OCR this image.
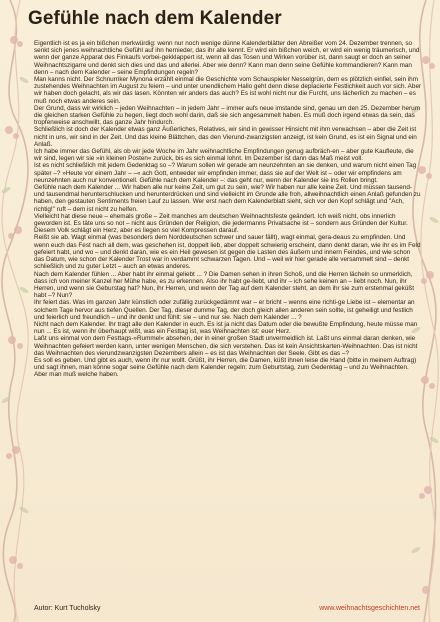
Gefühle nach dem Kalender

Eigentlich ist es ja ein bißchen merkwürdig: wenn nur noch wenige dünne Kalenderblätter den Abreißer vom 24. Dezember trennen, so senkt sich jenes weihnachtliche Gefühl auf ihn hernieder, das ihr alle kennt. Er wird ein bißchen weich, er wird ein wenig träumerisch, und wenn der ganze Apparat des Finkaufs vorbei-gekklappert ist, wenn all das Tosen und Wirken vorüber ist, dann saugt er doch an seiner Weihnachtszigarre und denkt sich dies und das und allerlei. Aber wie denn? Kann man denn seine Gefühle kommandieren? Kann man denn – nach dem Kalender – seine Empfindungen regeln?

Man kanns nicht. Der Schnurriker Mynona erzählt einmal die Geschichte vom Schauspieler Nesselgrün, dem es plötzlich einfiel, sein ihm zustehendes Weihnachten im August zu feiern – und unter unendlichem Hallo geht denn diese deplacierte Festlichkeit auch vor sich. Aber wir haben doch gelacht, als wir das lasen. Könnten wir anders das auch? Es ist wohl nicht nur die Furcht, uns lächerlich zu machen – es muß noch etwas anderes sein.

Der Grund, dass wir wirklich – jeden Weihnachten – in jedem Jahr – immer aufs neue imstande sind, genau um den 25. Dezember herum die gleichen starken Gefühle zu hegen, liegt doch wohl darin, daß sie sich angesammelt haben. Es muß doch irgend etwas da sein, das tropfenweise anschwillt, das ganze Jahr hindurch.

Schließlich ist doch der Kalender etwas ganz Äußerliches, Relatives, wir sind in gewisser Hinsicht mit ihm verwachsen – aber die Zeit ist nicht in uns, wir sind in der Zeit. Und das kleine Blättchen, das den Vierund-zwanzigsten anzeigt, ist kein Grund, es ist ein Signal und ein Anlaß.

Ich habe immer das Gefühl, als ob wir jede Woche im Jahr weihnachtliche Empfindungen genug aufbräch-en – aber gute Kaufleute, die wir sind, legen wir sie »in kleinen Posten« zurück, bis es sich einmal lohnt. Im Dezember ist dann das Maß meist voll.

Ist es nicht schließlich mit jedem Gedenktag so –? Warum sollen wir gerade am neunzehnten an sie denken, und warum nicht einen Tag später –? »Heute vor einem Jahr – –« ach Gott, entweder wir empfinden immer, dass sie auf der Welt ist – oder wir empfindens am neunzehnten auch nur konventionell. Gefühle nach dem Kalender –: das geht nur, wenn der Kalender sie ins Rollen bringt.

Gefühle nach dem Kalender ... Wir haben alle nur keine Zeit, um gut zu sein, wie? Wir haben nur alle keine Zeit. Und müssen tausend- und tausendmal herunterschlucken und herunterdrücken und sind vielleicht im Grunde alle froh, allweihnachtlich einen Anlaß gefunden zu haben, den gestauten Sentiments freien Lauf zu lassen. Wer erst nach dem Kalenderblatt sieht, sich vor den Kopf schlägt und "Ach, richtig!" ruft – dem ist nicht zu helfen.

Vielleicht hat diese neue – ehemals große – Zeit manches am deutschen Weihnachtsfeste geändert. Ich weiß nicht, obs innerlich geworden ist. Es täte uns so not – nicht aus Gründen der Religion, die jedermanns Privatsache ist – sondern aus Gründen der Kultur. Diesem Volk schlägt ein Herz, aber es liegen so viel Kompressen darauf.

Reißt sie ab. Wagt einmal (was besonders dem Norddeutschen schwer und sauer fällt), wagt einmal, gera-deaus zu empfinden. Und wenn euch das Fest nach all dem, was geschehen ist, doppelt lieb, aber doppelt schwierig erscheint, dann denkt daran, wie ihr es im Feld gefeiert habt, und wo – und denkt daran, wie es ein Heil gewesen ist gegen die Lasten des äußern und innern Feindes, und wie schon das Datum, wie schon der Kalender Trost war in verdammt schwarzen Tagen. Und – weil wir hier gerade alle versammelt sind – denkt schließlich und zu guter Letzt – auch an etwas anderes.

Nach dem Kalender fühlen ... Aber habt ihr einmal geliebt ... ? Die Damen sehen in ihren Schoß, und die Herren lächeln so unmerklich, dass ich von meiner Kanzel her Mühe habe, es zu erkennen. Also ihr habt ge-liebt, und ihr – ich sehe keinen an – liebt noch. Nun, ihr Herren, und wenn sie Geburstag hat? Nun, ihr Herren, und wenn der Tag auf dem Kalender steht, an dem ihr sie zum erstenmal geküßt habt –? Nun?

Ihr feiert das. Was im ganzen Jahr künstlich oder zufällig zurückgedämmt war – er bricht – wenns eine richti-ge Liebe ist – elementar an solchem Tage hervor aus tiefen Quellen. Der Tag, dieser dumme Tag, der doch gleich allen anderen sein sollte, ist geheiligt und festlich und feierlich und freundlich – und ihr denkt und fühlt: sie – und nur sie. Nach dem Kalender ... ?

Nicht nach dem Kalender. Ihr tragt alle den Kalender in euch. Es ist ja nicht das Datum oder die bewußte Empfindung, heute müsse man nun ... Es ist, wenn ihr überhaupt wißt, was ein Festtag ist, was Weihnachten ist: euer Herz.

Laßt uns einmal von dem Festtags-»Rummel« absehen, der in einer großen Stadt unvermeidlich ist. Laßt uns einmal daran denken, wie Weihnachten gefeiert werden kann, unter wenigen Menschen, die sich verstehen. Das ist kein Ansichtskarten-Weihnachten. Das ist nicht das Weihnachten des vierundzwanzigsten Dezembers allein – es ist das Weihnachten der Seele. Gibt es das –?

Es soll es geben. Und gibt es auch, wenn ihr nur wollt. Grüßt, ihr Herren, die Damen, küßt ihnen leise die Hand (bitte in meinem Auftrag) und sagt ihnen, man könne sogar seine Gefühle nach dem Kalender regeln: zum Geburtstag, zum Gedenktag – und zu Weihnachten.

Aber man muß welche haben.

Autor: Kurt Tucholsky	www.weihnachtsgeschichten.net
